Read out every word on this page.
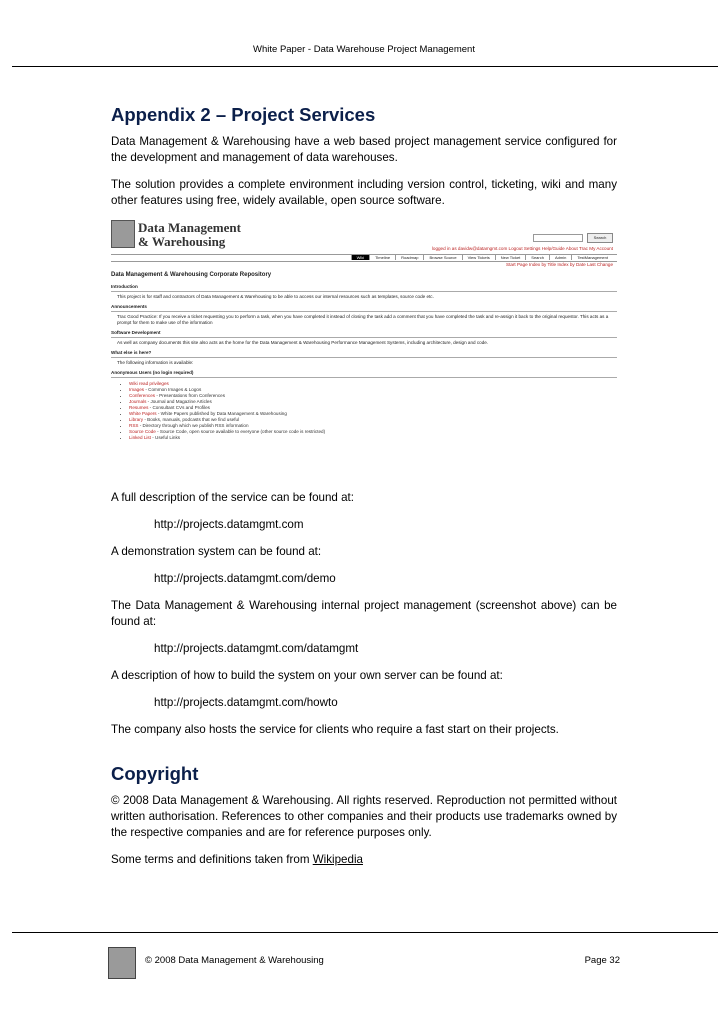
White Paper - Data Warehouse Project Management
Appendix 2 – Project Services

Data Management & Warehousing have a web based project management service configured for the development and management of data warehouses.

The solution provides a complete environment including version control, ticketing, wiki and many other features using free, widely available, open source software.

Data Management
& Warehousing	Search
logged in as davidw@datamgmt.com Logout Settings Help/Guide About Trac My Account
Wiki	Timeline	Roadmap	Browse Source	View Tickets	New Ticket	Search	Admin	TestManagement
Start Page Index by Title Index by Date Last Change
Data Management & Warehousing Corporate Repository
Introduction
This project is for staff and contractors of Data Management & Warehousing to be able to access our internal resources such as templates, source code etc.
Announcements
Trac Good Practice: If you receive a ticket requesting you to perform a task, when you have completed it instead of closing the task add a comment that you have completed the task and re-assign it back to the original requestor. This acts as a prompt for them to make use of the information
Software Development
As well as company documents this site also acts as the home for the Data Management & Warehousing Performance Management Systems, including architecture, design and code.
What else is here?
The following information is available:
Anonymous Users (no login required)
• Wiki read privileges
• Images - Common Images & Logos
• Conferences - Presentations from Conferences
• Journals - Journal and Magazine Articles
• Resumes - Consultant CVs and Profiles
• White Papers - White Papers published by Data Management & Warehousing
• Library - Books, manuals, podcasts that we find useful
• RSS - Directory through which we publish RSS information
• Source Code - Source Code, open source available to everyone (other source code is restricted)
• Linked List - Useful Links

A full description of the service can be found at:

http://projects.datamgmt.com

A demonstration system can be found at:

http://projects.datamgmt.com/demo

The Data Management & Warehousing internal project management (screenshot above) can be found at:

http://projects.datamgmt.com/datamgmt

A description of how to build the system on your own server can be found at:

http://projects.datamgmt.com/howto

The company also hosts the service for clients who require a fast start on their projects.

Copyright

© 2008 Data Management & Warehousing. All rights reserved. Reproduction not permitted without written authorisation. References to other companies and their products use trademarks owned by the respective companies and are for reference purposes only.

Some terms and definitions taken from Wikipedia

© 2008 Data Management & Warehousing	Page 32
